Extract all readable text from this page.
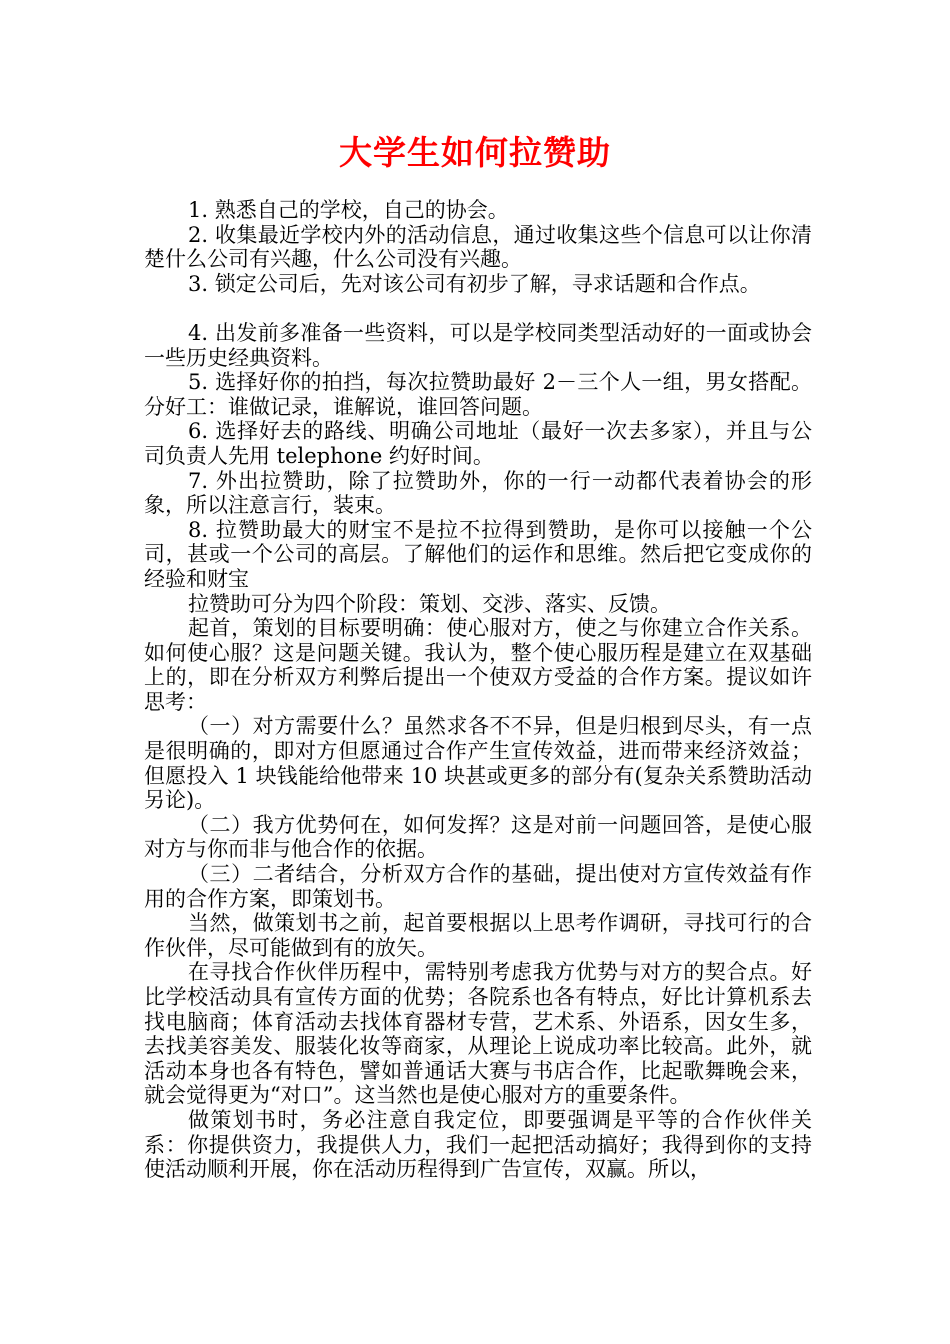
大学生如何拉赞助

1. 熟悉自己的学校，自己的协会。

2. 收集最近学校内外的活动信息，通过收集这些个信息可以让你清楚什么公司有兴趣，什么公司没有兴趣。

3. 锁定公司后，先对该公司有初步了解，寻求话题和合作点。

4. 出发前多准备一些资料，可以是学校同类型活动好的一面或协会一些历史经典资料。

5. 选择好你的拍挡，每次拉赞助最好 2－三个人一组，男女搭配。分好工：谁做记录，谁解说，谁回答问题。

6. 选择好去的路线、明确公司地址（最好一次去多家），并且与公司负责人先用 telephone 约好时间。

7. 外出拉赞助，除了拉赞助外，你的一行一动都代表着协会的形象，所以注意言行，装束。

8. 拉赞助最大的财宝不是拉不拉得到赞助，是你可以接触一个公司，甚或一个公司的高层。了解他们的运作和思维。然后把它变成你的经验和财宝

拉赞助可分为四个阶段：策划、交涉、落实、反馈。

起首，策划的目标要明确：使心服对方，使之与你建立合作关系。如何使心服？这是问题关键。我认为，整个使心服历程是建立在双基础上的，即在分析双方利弊后提出一个使双方受益的合作方案。提议如许思考：

（一）对方需要什么？虽然求各不不异，但是归根到尽头，有一点是很明确的，即对方但愿通过合作产生宣传效益，进而带来经济效益；但愿投入 1 块钱能给他带来 10 块甚或更多的部分有(复杂关系赞助活动另论)。

（二）我方优势何在，如何发挥？这是对前一问题回答，是使心服对方与你而非与他合作的依据。

（三）二者结合，分析双方合作的基础，提出使对方宣传效益有作用的合作方案，即策划书。

当然，做策划书之前，起首要根据以上思考作调研，寻找可行的合作伙伴，尽可能做到有的放矢。

在寻找合作伙伴历程中，需特别考虑我方优势与对方的契合点。好比学校活动具有宣传方面的优势；各院系也各有特点，好比计算机系去找电脑商；体育活动去找体育器材专营，艺术系、外语系，因女生多，去找美容美发、服装化妆等商家，从理论上说成功率比较高。此外，就活动本身也各有特色，譬如普通话大赛与书店合作，比起歌舞晚会来，就会觉得更为“对口”。这当然也是使心服对方的重要条件。

做策划书时，务必注意自我定位，即要强调是平等的合作伙伴关系：你提供资力，我提供人力，我们一起把活动搞好；我得到你的支持使活动顺利开展，你在活动历程得到广告宣传，双赢。所以，
